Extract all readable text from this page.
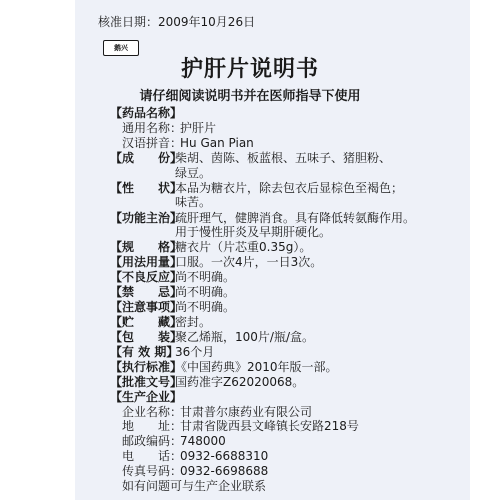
核准日期：2009年10月26日
鹅兴
护肝片说明书
请仔细阅读说明书并在医师指导下使用
【药品名称】
通用名称：
护肝片
汉语拼音：
Hu Gan Pian
【成　　份】
柴胡、茵陈、板蓝根、五味子、猪胆粉、
绿豆。
【性　　状】
本品为糖衣片，除去包衣后显棕色至褐色；
味苦。
【功能主治】
疏肝理气，健脾消食。具有降低转氨酶作用。
用于慢性肝炎及早期肝硬化。
【规　　格】
糖衣片（片芯重0.35g）。
【用法用量】
口服。一次4片，一日3次。
【不良反应】
尚不明确。
【禁　　忌】
尚不明确。
【注意事项】
尚不明确。
【贮　　藏】
密封。
【包　　装】
聚乙烯瓶，100片/瓶/盒。
【有 效 期】
36个月
【执行标准】
《中国药典》2010年版一部。
【批准文号】
国药准字Z62020068。
【生产企业】
企业名称：
甘肃普尔康药业有限公司
地　　址：
甘肃省陇西县文峰镇长安路218号
邮政编码：
748000
电　　话：
0932-6688310
传真号码：
0932-6698688
如有问题可与生产企业联系
